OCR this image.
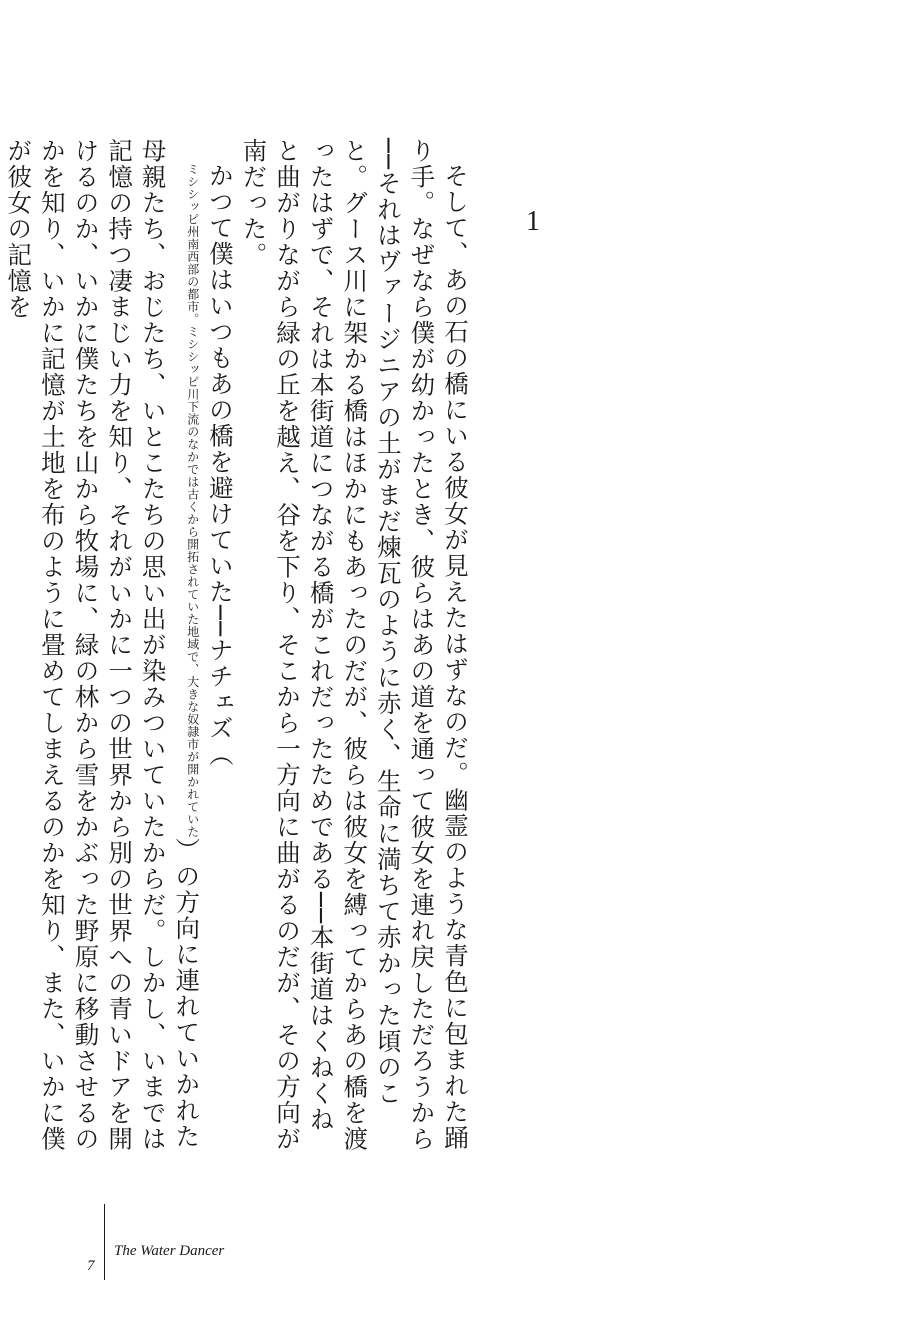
1

そして、あの石の橋にいる彼女が見えたはずなのだ。幽霊のような青色に包まれた踊り手。なぜなら僕が幼かったとき、彼らはあの道を通って彼女を連れ戻しただろうから──それはヴァージニアの土がまだ煉瓦のように赤く、生命に満ちて赤かった頃のこと。グース川に架かる橋はほかにもあったのだが、彼らは彼女を縛ってからあの橋を渡ったはずで、それは本街道につながる橋がこれだったためである──本街道はくねくねと曲がりながら緑の丘を越え、谷を下り、そこから一方向に曲がるのだが、その方向が南だった。

かつて僕はいつもあの橋を避けていた──ナチェズ（ミシシッピ州南西部の都市。ミシシッピ川下流のなかでは古くから開拓されていた地域で、大きな奴隷市が開かれていた）の方向に連れていかれた母親たち、おじたち、いとこたちの思い出が染みついていたからだ。しかし、いまでは記憶の持つ凄まじい力を知り、それがいかに一つの世界から別の世界への青いドアを開けるのか、いかに僕たちを山から牧場に、緑の林から雪をかぶった野原に移動させるのかを知り、いかに記憶が土地を布のように畳めてしまえるのかを知り、また、いかに僕が彼女の記憶を

7
The Water Dancer
